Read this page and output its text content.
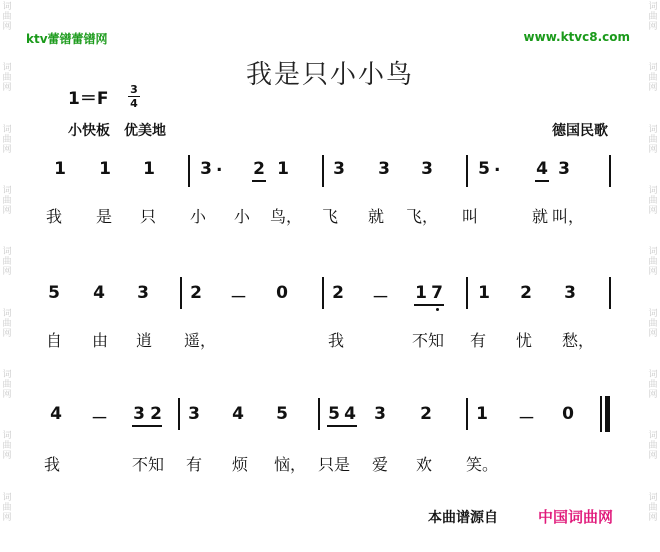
词
曲
网
词
曲
网
词
曲
网
词
曲
网
词
曲
网
词
曲
网
词
曲
网
词
曲
网
词
曲
网
词
曲
网
词
曲
网
词
曲
网
词
曲
网
词
曲
网
词
曲
网
词
曲
网
词
曲
网
词
曲
网
ktv蕾镨蕾镨网	www.ktvc8.com
我是只小小鸟
1＝F 3
4
小快板　优美地	德国民歌
1 1 1	3 . 2 1	3 3 3	5 . 4 3
我 是 只 小 小 鸟， 飞 就 飞， 叫	就 叫，
5 4 3 2 － 0	2 － 1 7 1 2 3
自 由 逍 遥，	我	不知 有 忧 愁，
4 － 3 2 3 4 5 5 4 3 2	1 － 0
我	不知 有 烦 恼， 只是 爱 欢 笑。
本曲谱源自	中国词曲网
